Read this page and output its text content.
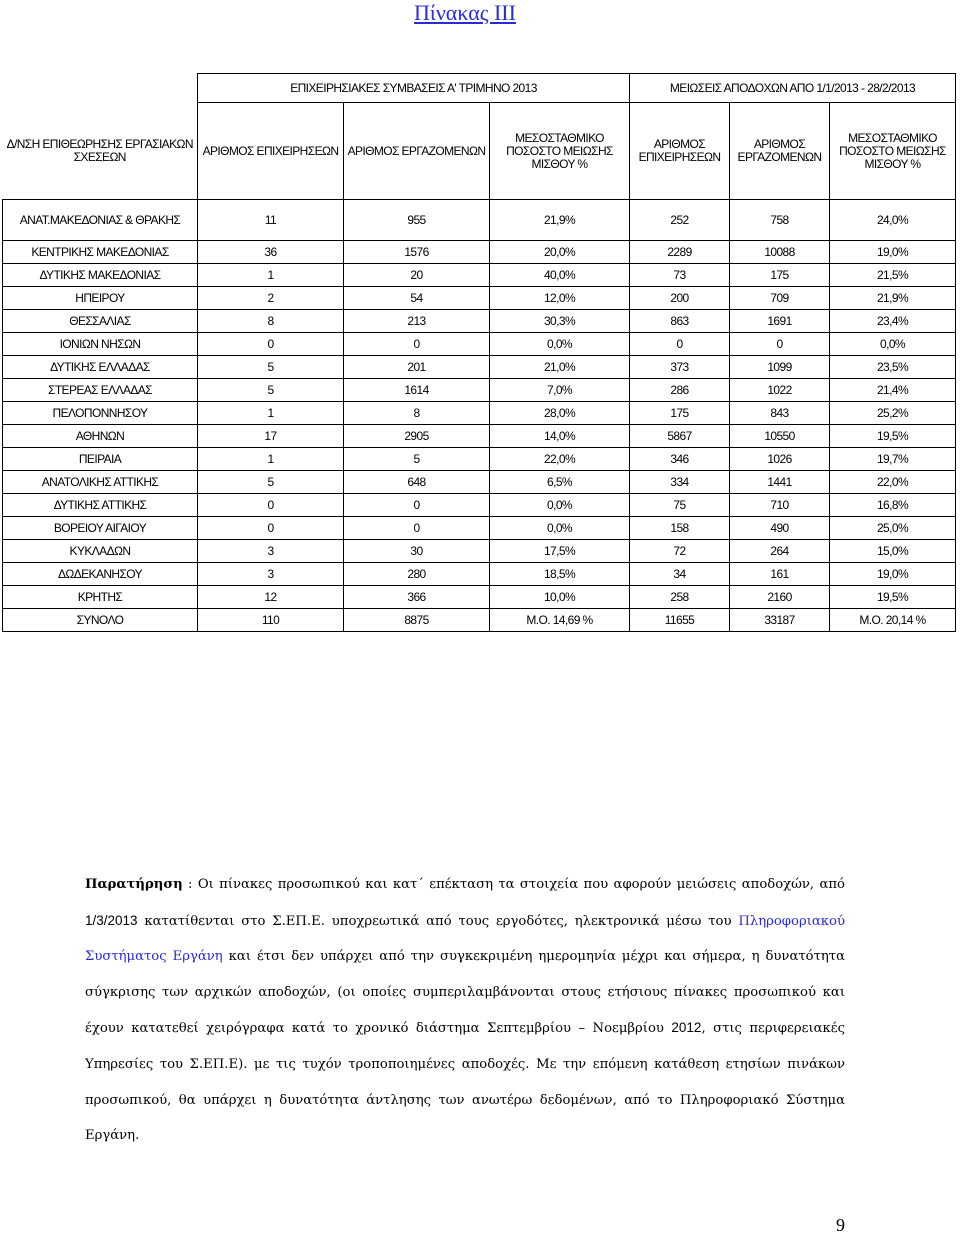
Πίνακας ΙΙΙ
	ΕΠΙΧΕΙΡΗΣΙΑΚΕΣ ΣΥΜΒΑΣΕΙΣ Α' ΤΡΙΜΗΝΟ 2013			ΜΕΙΩΣΕΙΣ ΑΠΟΔΟΧΩΝ ΑΠΟ 1/1/2013 - 28/2/2013		
Δ/ΝΣΗ ΕΠΙΘΕΩΡΗΣΗΣ ΕΡΓΑΣΙΑΚΩΝ ΣΧΕΣΕΩΝ	ΑΡΙΘΜΟΣ ΕΠΙΧΕΙΡΗΣΕΩΝ	ΑΡΙΘΜΟΣ ΕΡΓΑΖΟΜΕΝΩΝ	ΜΕΣΟΣΤΑΘΜΙΚΟ ΠΟΣΟΣΤΟ ΜΕΙΩΣΗΣ ΜΙΣΘΟΥ %	ΑΡΙΘΜΟΣ ΕΠΙΧΕΙΡΗΣΕΩΝ	ΑΡΙΘΜΟΣ ΕΡΓΑΖΟΜΕΝΩΝ	ΜΕΣΟΣΤΑΘΜΙΚΟ ΠΟΣΟΣΤΟ ΜΕΙΩΣΗΣ ΜΙΣΘΟΥ %
ΑΝΑΤ.ΜΑΚΕΔΟΝΙΑΣ & ΘΡΑΚΗΣ	11	955	21,9%	252	758	24,0%
ΚΕΝΤΡΙΚΗΣ ΜΑΚΕΔΟΝΙΑΣ	36	1576	20,0%	2289	10088	19,0%
ΔΥΤΙΚΗΣ ΜΑΚΕΔΟΝΙΑΣ	1	20	40,0%	73	175	21,5%
ΗΠΕΙΡΟΥ	2	54	12,0%	200	709	21,9%
ΘΕΣΣΑΛΙΑΣ	8	213	30,3%	863	1691	23,4%
ΙΟΝΙΩΝ ΝΗΣΩΝ	0	0	0,0%	0	0	0,0%
ΔΥΤΙΚΗΣ ΕΛΛΑΔΑΣ	5	201	21,0%	373	1099	23,5%
ΣΤΕΡΕΑΣ ΕΛΛΑΔΑΣ	5	1614	7,0%	286	1022	21,4%
ΠΕΛΟΠΟΝΝΗΣΟΥ	1	8	28,0%	175	843	25,2%
ΑΘΗΝΩΝ	17	2905	14,0%	5867	10550	19,5%
ΠΕΙΡΑΙΑ	1	5	22,0%	346	1026	19,7%
ΑΝΑΤΟΛΙΚΗΣ ΑΤΤΙΚΗΣ	5	648	6,5%	334	1441	22,0%
ΔΥΤΙΚΗΣ ΑΤΤΙΚΗΣ	0	0	0,0%	75	710	16,8%
ΒΟΡΕΙΟΥ ΑΙΓΑΙΟΥ	0	0	0,0%	158	490	25,0%
ΚΥΚΛΑΔΩΝ	3	30	17,5%	72	264	15,0%
ΔΩΔΕΚΑΝΗΣΟΥ	3	280	18,5%	34	161	19,0%
ΚΡΗΤΗΣ	12	366	10,0%	258	2160	19,5%
ΣΥΝΟΛΟ	110	8875	Μ.Ο. 14,69 %	11655	33187	Μ.Ο. 20,14 %
Παρατήρηση : Οι πίνακες προσωπικού και κατ΄ επέκταση τα στοιχεία που αφορούν μειώσεις αποδοχών, από 1/3/2013 κατατίθενται στο Σ.ΕΠ.Ε. υποχρεωτικά από τους εργοδότες, ηλεκτρονικά μέσω του Πληροφοριακού Συστήματος Εργάνη και έτσι δεν υπάρχει από την συγκεκριμένη ημερομηνία μέχρι και σήμερα, η δυνατότητα σύγκρισης των αρχικών αποδοχών, (οι οποίες συμπεριλαμβάνονται στους ετήσιους πίνακες προσωπικού και έχουν κατατεθεί χειρόγραφα κατά το χρονικό διάστημα Σεπτεμβρίου – Νοεμβρίου 2012, στις περιφερειακές Υπηρεσίες του Σ.ΕΠ.Ε). με τις τυχόν τροποποιημένες αποδοχές. Με την επόμενη κατάθεση ετησίων πινάκων προσωπικού, θα υπάρχει η δυνατότητα άντλησης των ανωτέρω δεδομένων, από το Πληροφοριακό Σύστημα Εργάνη.
9
